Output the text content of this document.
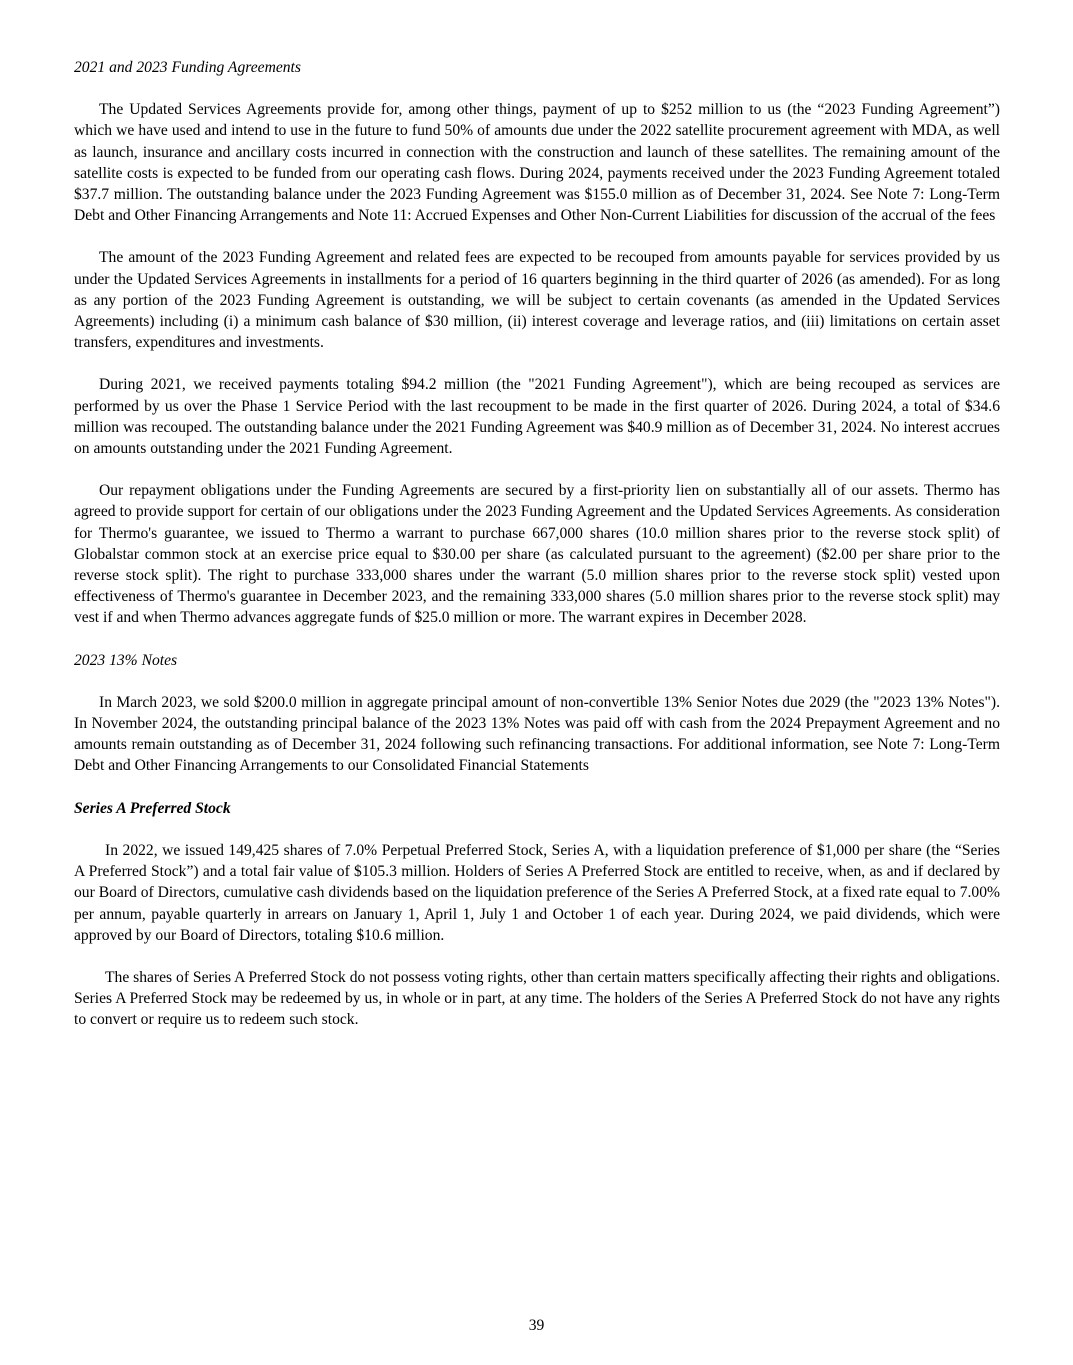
2021 and 2023 Funding Agreements

The Updated Services Agreements provide for, among other things, payment of up to $252 million to us (the “2023 Funding Agreement”) which we have used and intend to use in the future to fund 50% of amounts due under the 2022 satellite procurement agreement with MDA, as well as launch, insurance and ancillary costs incurred in connection with the construction and launch of these satellites. The remaining amount of the satellite costs is expected to be funded from our operating cash flows. During 2024, payments received under the 2023 Funding Agreement totaled $37.7 million. The outstanding balance under the 2023 Funding Agreement was $155.0 million as of December 31, 2024. See Note 7: Long-Term Debt and Other Financing Arrangements and Note 11: Accrued Expenses and Other Non-Current Liabilities for discussion of the accrual of the fees

The amount of the 2023 Funding Agreement and related fees are expected to be recouped from amounts payable for services provided by us under the Updated Services Agreements in installments for a period of 16 quarters beginning in the third quarter of 2026 (as amended). For as long as any portion of the 2023 Funding Agreement is outstanding, we will be subject to certain covenants (as amended in the Updated Services Agreements) including (i) a minimum cash balance of $30 million, (ii) interest coverage and leverage ratios, and (iii) limitations on certain asset transfers, expenditures and investments.

During 2021, we received payments totaling $94.2 million (the "2021 Funding Agreement"), which are being recouped as services are performed by us over the Phase 1 Service Period with the last recoupment to be made in the first quarter of 2026. During 2024, a total of $34.6 million was recouped. The outstanding balance under the 2021 Funding Agreement was $40.9 million as of December 31, 2024. No interest accrues on amounts outstanding under the 2021 Funding Agreement.

Our repayment obligations under the Funding Agreements are secured by a first-priority lien on substantially all of our assets. Thermo has agreed to provide support for certain of our obligations under the 2023 Funding Agreement and the Updated Services Agreements. As consideration for Thermo's guarantee, we issued to Thermo a warrant to purchase 667,000 shares (10.0 million shares prior to the reverse stock split) of Globalstar common stock at an exercise price equal to $30.00 per share (as calculated pursuant to the agreement) ($2.00 per share prior to the reverse stock split). The right to purchase 333,000 shares under the warrant (5.0 million shares prior to the reverse stock split) vested upon effectiveness of Thermo's guarantee in December 2023, and the remaining 333,000 shares (5.0 million shares prior to the reverse stock split) may vest if and when Thermo advances aggregate funds of $25.0 million or more. The warrant expires in December 2028.

2023 13% Notes

In March 2023, we sold $200.0 million in aggregate principal amount of non-convertible 13% Senior Notes due 2029 (the "2023 13% Notes"). In November 2024, the outstanding principal balance of the 2023 13% Notes was paid off with cash from the 2024 Prepayment Agreement and no amounts remain outstanding as of December 31, 2024 following such refinancing transactions. For additional information, see Note 7: Long-Term Debt and Other Financing Arrangements to our Consolidated Financial Statements

Series A Preferred Stock

In 2022, we issued 149,425 shares of 7.0% Perpetual Preferred Stock, Series A, with a liquidation preference of $1,000 per share (the “Series A Preferred Stock”) and a total fair value of $105.3 million. Holders of Series A Preferred Stock are entitled to receive, when, as and if declared by our Board of Directors, cumulative cash dividends based on the liquidation preference of the Series A Preferred Stock, at a fixed rate equal to 7.00% per annum, payable quarterly in arrears on January 1, April 1, July 1 and October 1 of each year. During 2024, we paid dividends, which were approved by our Board of Directors, totaling $10.6 million.

The shares of Series A Preferred Stock do not possess voting rights, other than certain matters specifically affecting their rights and obligations. Series A Preferred Stock may be redeemed by us, in whole or in part, at any time. The holders of the Series A Preferred Stock do not have any rights to convert or require us to redeem such stock.

39
